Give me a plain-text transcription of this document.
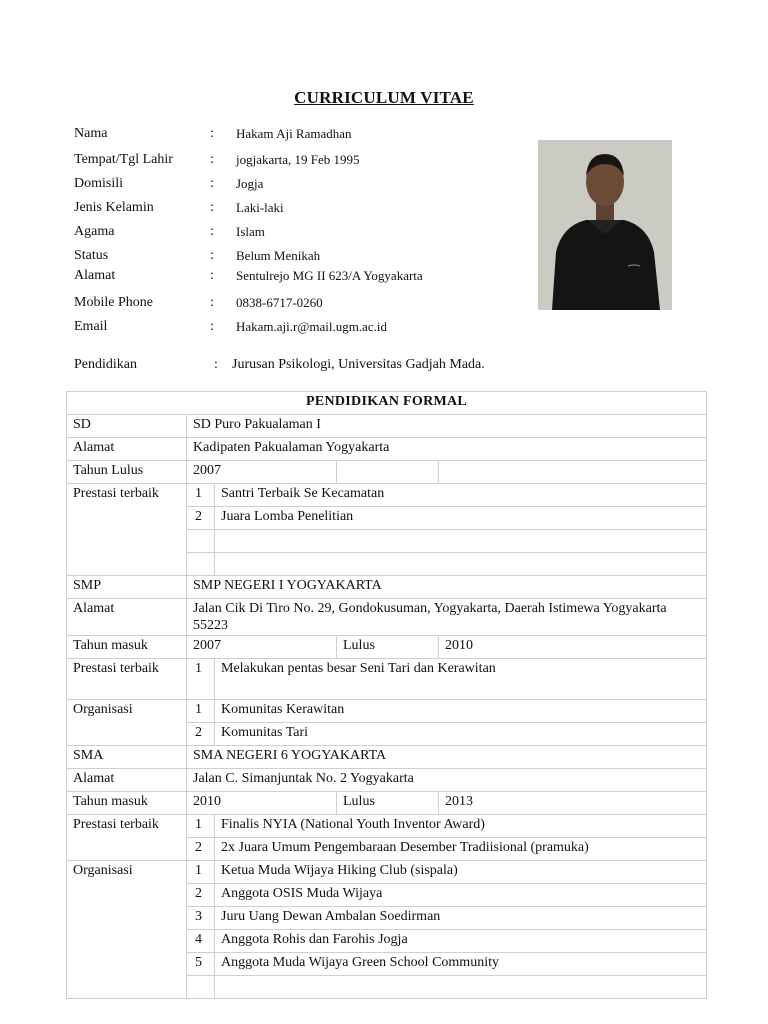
CURRICULUM VITAE
Nama	: Hakam Aji Ramadhan
Tempat/Tgl Lahir	: jogjakarta, 19 Feb 1995
Domisili	: Jogja
Jenis Kelamin	: Laki-laki
Agama	: Islam
Status	: Belum Menikah
Alamat	: Sentulrejo MG II 623/A Yogyakarta
Mobile Phone	: 0838-6717-0260
Email	: Hakam.aji.r@mail.ugm.ac.id
Pendidikan	: Jurusan Psikologi, Universitas Gadjah Mada.
PENDIDIKAN FORMAL				
SD	SD Puro Pakualaman I			
Alamat	Kadipaten Pakualaman Yogyakarta			
Tahun Lulus	2007			
Prestasi terbaik	1	Santri Terbaik Se Kecamatan		
	2	Juara Lomba Penelitian		

SMP	SMP NEGERI I YOGYAKARTA			
Alamat	Jalan Cik Di Tiro No. 29, Gondokusuman, Yogyakarta, Daerah Istimewa Yogyakarta 55223			
Tahun masuk	2007		Lulus	2010
Prestasi terbaik	1	Melakukan pentas besar Seni Tari dan Kerawitan		
Organisasi	1	Komunitas Kerawitan		
	2	Komunitas Tari		
SMA	SMA NEGERI 6 YOGYAKARTA			
Alamat	Jalan C. Simanjuntak No. 2 Yogyakarta			
Tahun masuk	2010		Lulus	2013
Prestasi terbaik	1	Finalis NYIA (National Youth Inventor Award)		
	2	2x Juara Umum Pengembaraan Desember Tradiisional (pramuka)		
Organisasi	1	Ketua Muda Wijaya Hiking Club (sispala)		
	2	Anggota OSIS Muda Wijaya		
	3	Juru Uang Dewan Ambalan Soedirman		
	4	Anggota Rohis dan Farohis Jogja		
	5	Anggota Muda Wijaya Green School Community		
